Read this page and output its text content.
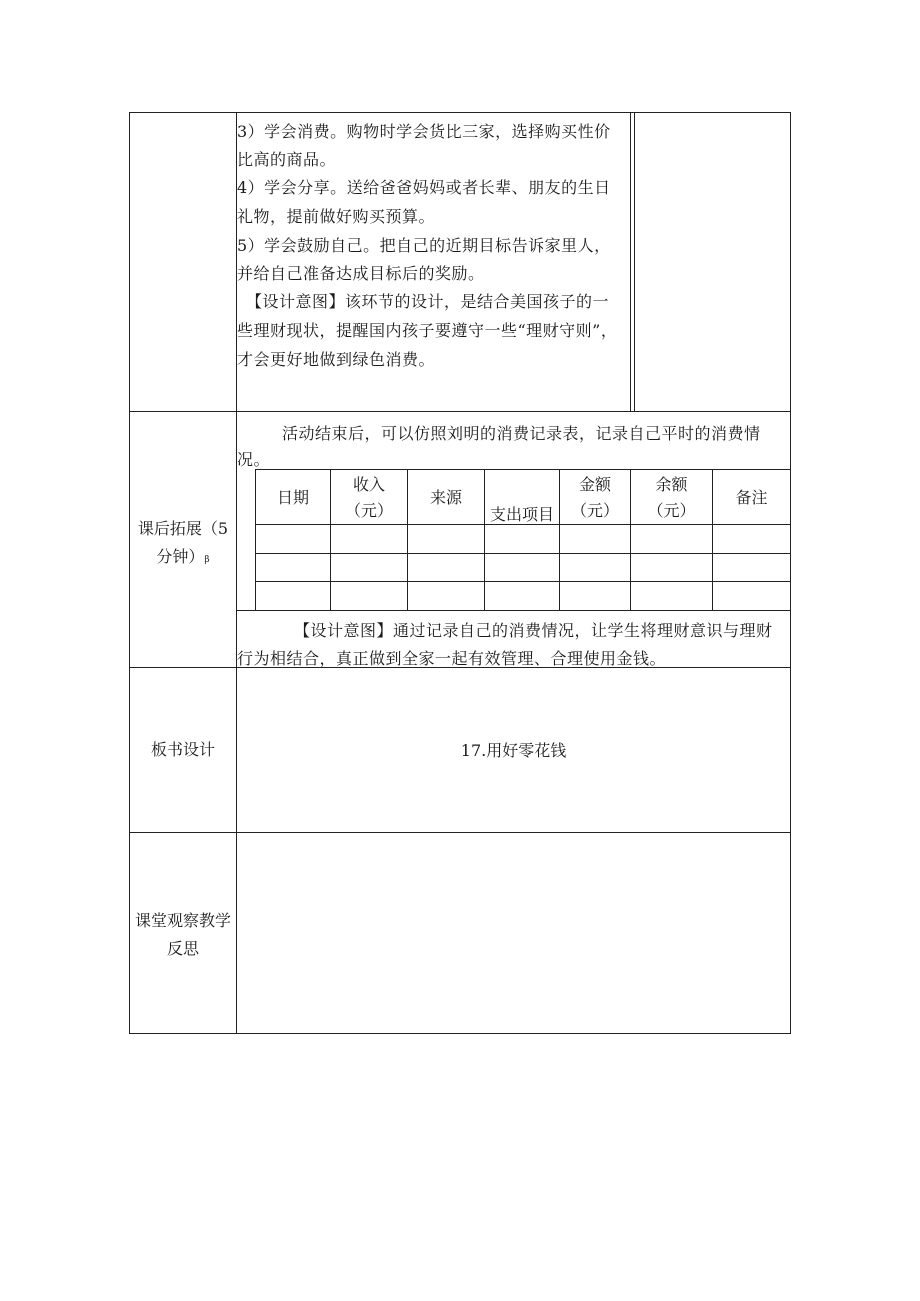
3）学会消费。购物时学会货比三家，选择购买性价
比高的商品。
4）学会分享。送给爸爸妈妈或者长辈、朋友的生日
礼物，提前做好购买预算。
5）学会鼓励自己。把自己的近期目标告诉家里人，
并给自己准备达成目标后的奖励。
【设计意图】该环节的设计，是结合美国孩子的一
些理财现状，提醒国内孩子要遵守一些“理财守则”，
才会更好地做到绿色消费。
课后拓展（5
分钟）β
活动结束后，可以仿照刘明的消费记录表，记录自己平时的消费情
况。
日期
收入
（元）
来源
支出项目
金额
（元）
余额
（元）
备注
【设计意图】通过记录自己的消费情况，让学生将理财意识与理财
行为相结合，真正做到全家一起有效管理、合理使用金钱。
板书设计	17.用好零花钱
课堂观察教学
反思
